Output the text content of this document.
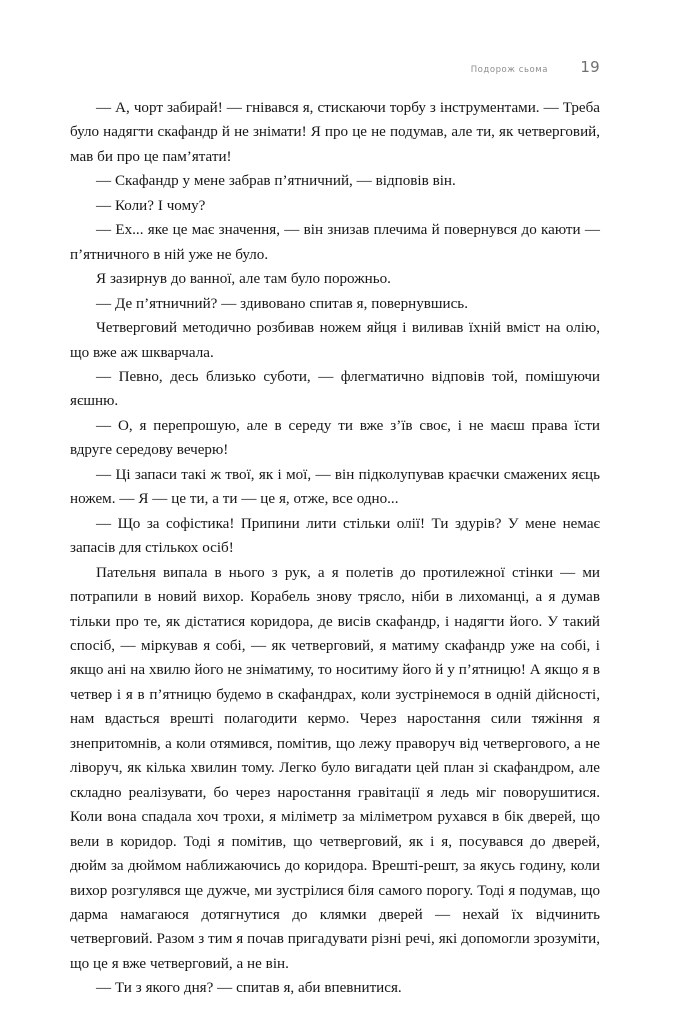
Подорож сьома 19

— А, чорт забирай! — гнівався я, стискаючи торбу з інструментами. — Треба було надягти скафандр й не знімати! Я про це не подумав, але ти, як четверговий, мав би про це пам’ятати!

— Скафандр у мене забрав п’ятничний, — відповів він.

— Коли? І чому?

— Ех... яке це має значення, — він знизав плечима й повернувся до каюти — п’ятничного в ній уже не було.

Я зазирнув до ванної, але там було порожньо.

— Де п’ятничний? — здивовано спитав я, повернувшись.

Четверговий методично розбивав ножем яйця і виливав їхній вміст на олію, що вже аж шкварчала.

— Певно, десь близько суботи, — флегматично відповів той, помішуючи яєшню.

— О, я перепрошую, але в середу ти вже з’їв своє, і не маєш права їсти вдруге середову вечерю!

— Ці запаси такі ж твої, як і мої, — він підколупував краєчки смажених яєць ножем. — Я — це ти, а ти — це я, отже, все одно...

— Що за софістика! Припини лити стільки олії! Ти здурів? У мене немає запасів для стількох осіб!

Пательня випала в нього з рук, а я полетів до протилежної стінки — ми потрапили в новий вихор. Корабель знову трясло, ніби в лихоманці, а я думав тільки про те, як дістатися коридора, де висів скафандр, і надягти його. У такий спосіб, — міркував я собі, — як четверговий, я матиму скафандр уже на собі, і якщо ані на хвилю його не зніматиму, то носитиму його й у п’ятницю! А якщо я в четвер і я в п’ятницю будемо в скафандрах, коли зустрінемося в одній дійсності, нам вдасться врешті полагодити кермо. Через наростання сили тяжіння я знепритомнів, а коли отямився, помітив, що лежу праворуч від четвергового, а не ліворуч, як кілька хвилин тому. Легко було вигадати цей план зі скафандром, але складно реалізувати, бо через наростання гравітації я ледь міг поворушитися. Коли вона спадала хоч трохи, я міліметр за міліметром рухався в бік дверей, що вели в коридор. Тоді я помітив, що четверговий, як і я, посувався до дверей, дюйм за дюймом наближаючись до коридора. Врешті-решт, за якусь годину, коли вихор розгулявся ще дужче, ми зустрілися біля самого порогу. Тоді я подумав, що дарма намагаюся дотягнутися до клямки дверей — нехай їх відчинить четверговий. Разом з тим я почав пригадувати різні речі, які допомогли зрозуміти, що це я вже четверговий, а не він.

— Ти з якого дня? — спитав я, аби впевнитися.
